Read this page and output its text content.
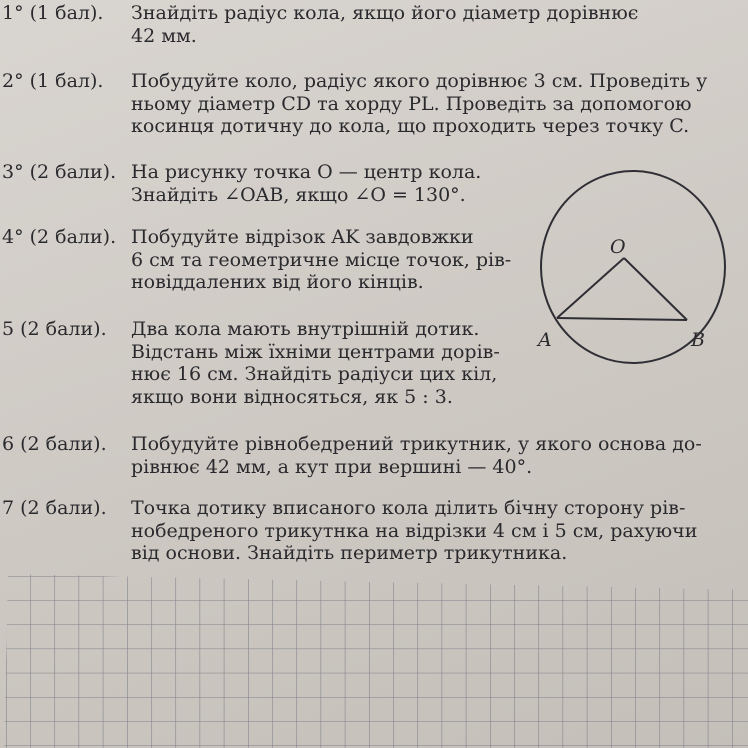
1° (1 бал). Знайдіть радіус кола, якщо його діаметр дорівнює
42 мм.
2° (1 бал). Побудуйте коло, радіус якого дорівнює 3 см. Проведіть у
ньому діаметр CD та хорду PL. Проведіть за допомогою
косинця дотичну до кола, що проходить через точку C.
3° (2 бали). На рисунку точка O — центр кола.
Знайдіть ∠OAB, якщо ∠O = 130°.
4° (2 бали). Побудуйте відрізок AK завдовжки
6 см та геометричне місце точок, рів-
новіддалених від його кінців.
5 (2 бали). Два кола мають внутрішній дотик.
Відстань між їхніми центрами дорів-
нює 16 см. Знайдіть радіуси цих кіл,
якщо вони відносяться, як 5 : 3.
6 (2 бали). Побудуйте рівнобедрений трикутник, у якого основа до-
рівнює 42 мм, а кут при вершині — 40°.
7 (2 бали). Точка дотику вписаного кола ділить бічну сторону рів-
нобедреного трикутнка на відрізки 4 см і 5 см, рахуючи
від основи. Знайдіть периметр трикутника.
O
A	B
